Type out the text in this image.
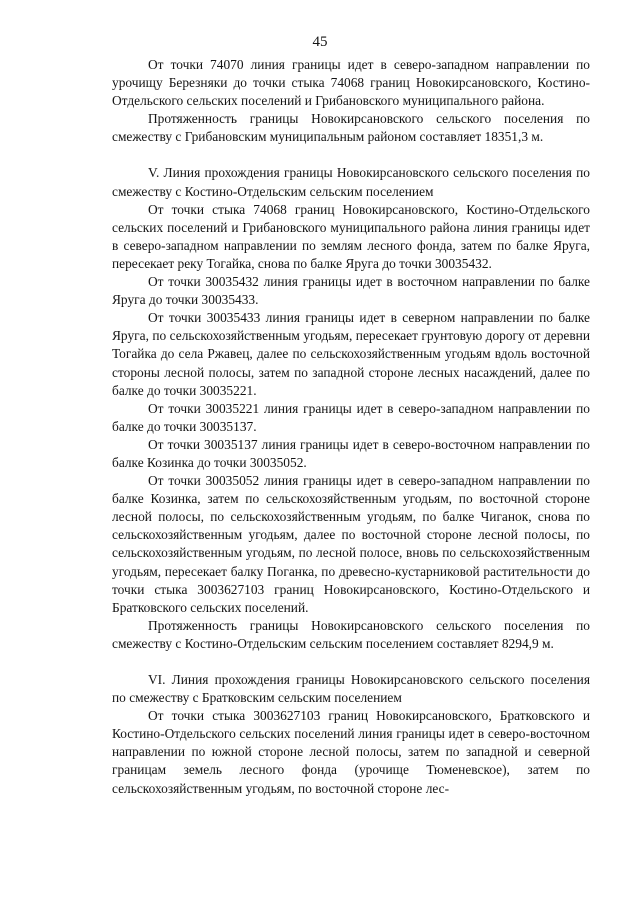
45

От точки 74070 линия границы идет в северо-западном направлении по урочищу Березняки до точки стыка 74068 границ Новокирсановского, Костино-Отдельского сельских поселений и Грибановского муниципального района.

Протяженность границы Новокирсановского сельского поселения по смежеству с Грибановским муниципальным районом составляет 18351,3 м.

V. Линия прохождения границы Новокирсановского сельского поселения по смежеству с Костино-Отдельским сельским поселением

От точки стыка 74068 границ Новокирсановского, Костино-Отдельского сельских поселений и Грибановского муниципального района линия границы идет в северо-западном направлении по землям лесного фонда, затем по балке Яруга, пересекает реку Тогайка, снова по балке Яруга до точки 30035432.

От точки 30035432 линия границы идет в восточном направлении по балке Яруга до точки 30035433.

От точки 30035433 линия границы идет в северном направлении по балке Яруга, по сельскохозяйственным угодьям, пересекает грунтовую дорогу от деревни Тогайка до села Ржавец, далее по сельскохозяйственным угодьям вдоль восточной стороны лесной полосы, затем по западной стороне лесных насаждений, далее по балке до точки 30035221.

От точки 30035221 линия границы идет в северо-западном направлении по балке до точки 30035137.

От точки 30035137 линия границы идет в северо-восточном направлении по балке Козинка до точки 30035052.

От точки 30035052 линия границы идет в северо-западном направлении по балке Козинка, затем по сельскохозяйственным угодьям, по восточной стороне лесной полосы, по сельскохозяйственным угодьям, по балке Чиганок, снова по сельскохозяйственным угодьям, далее по восточной стороне лесной полосы, по сельскохозяйственным угодьям, по лесной полосе, вновь по сельскохозяйственным угодьям, пересекает балку Поганка, по древесно-кустарниковой растительности до точки стыка 3003627103 границ Новокирсановского, Костино-Отдельского и Братковского сельских поселений.

Протяженность границы Новокирсановского сельского поселения по смежеству с Костино-Отдельским сельским поселением составляет 8294,9 м.

VI. Линия прохождения границы Новокирсановского сельского поселения по смежеству с Братковским сельским поселением

От точки стыка 3003627103 границ Новокирсановского, Братковского и Костино-Отдельского сельских поселений линия границы идет в северо-восточном направлении по южной стороне лесной полосы, затем по западной и северной границам земель лесного фонда (урочище Тюменевское), затем по сельскохозяйственным угодьям, по восточной стороне лес-
